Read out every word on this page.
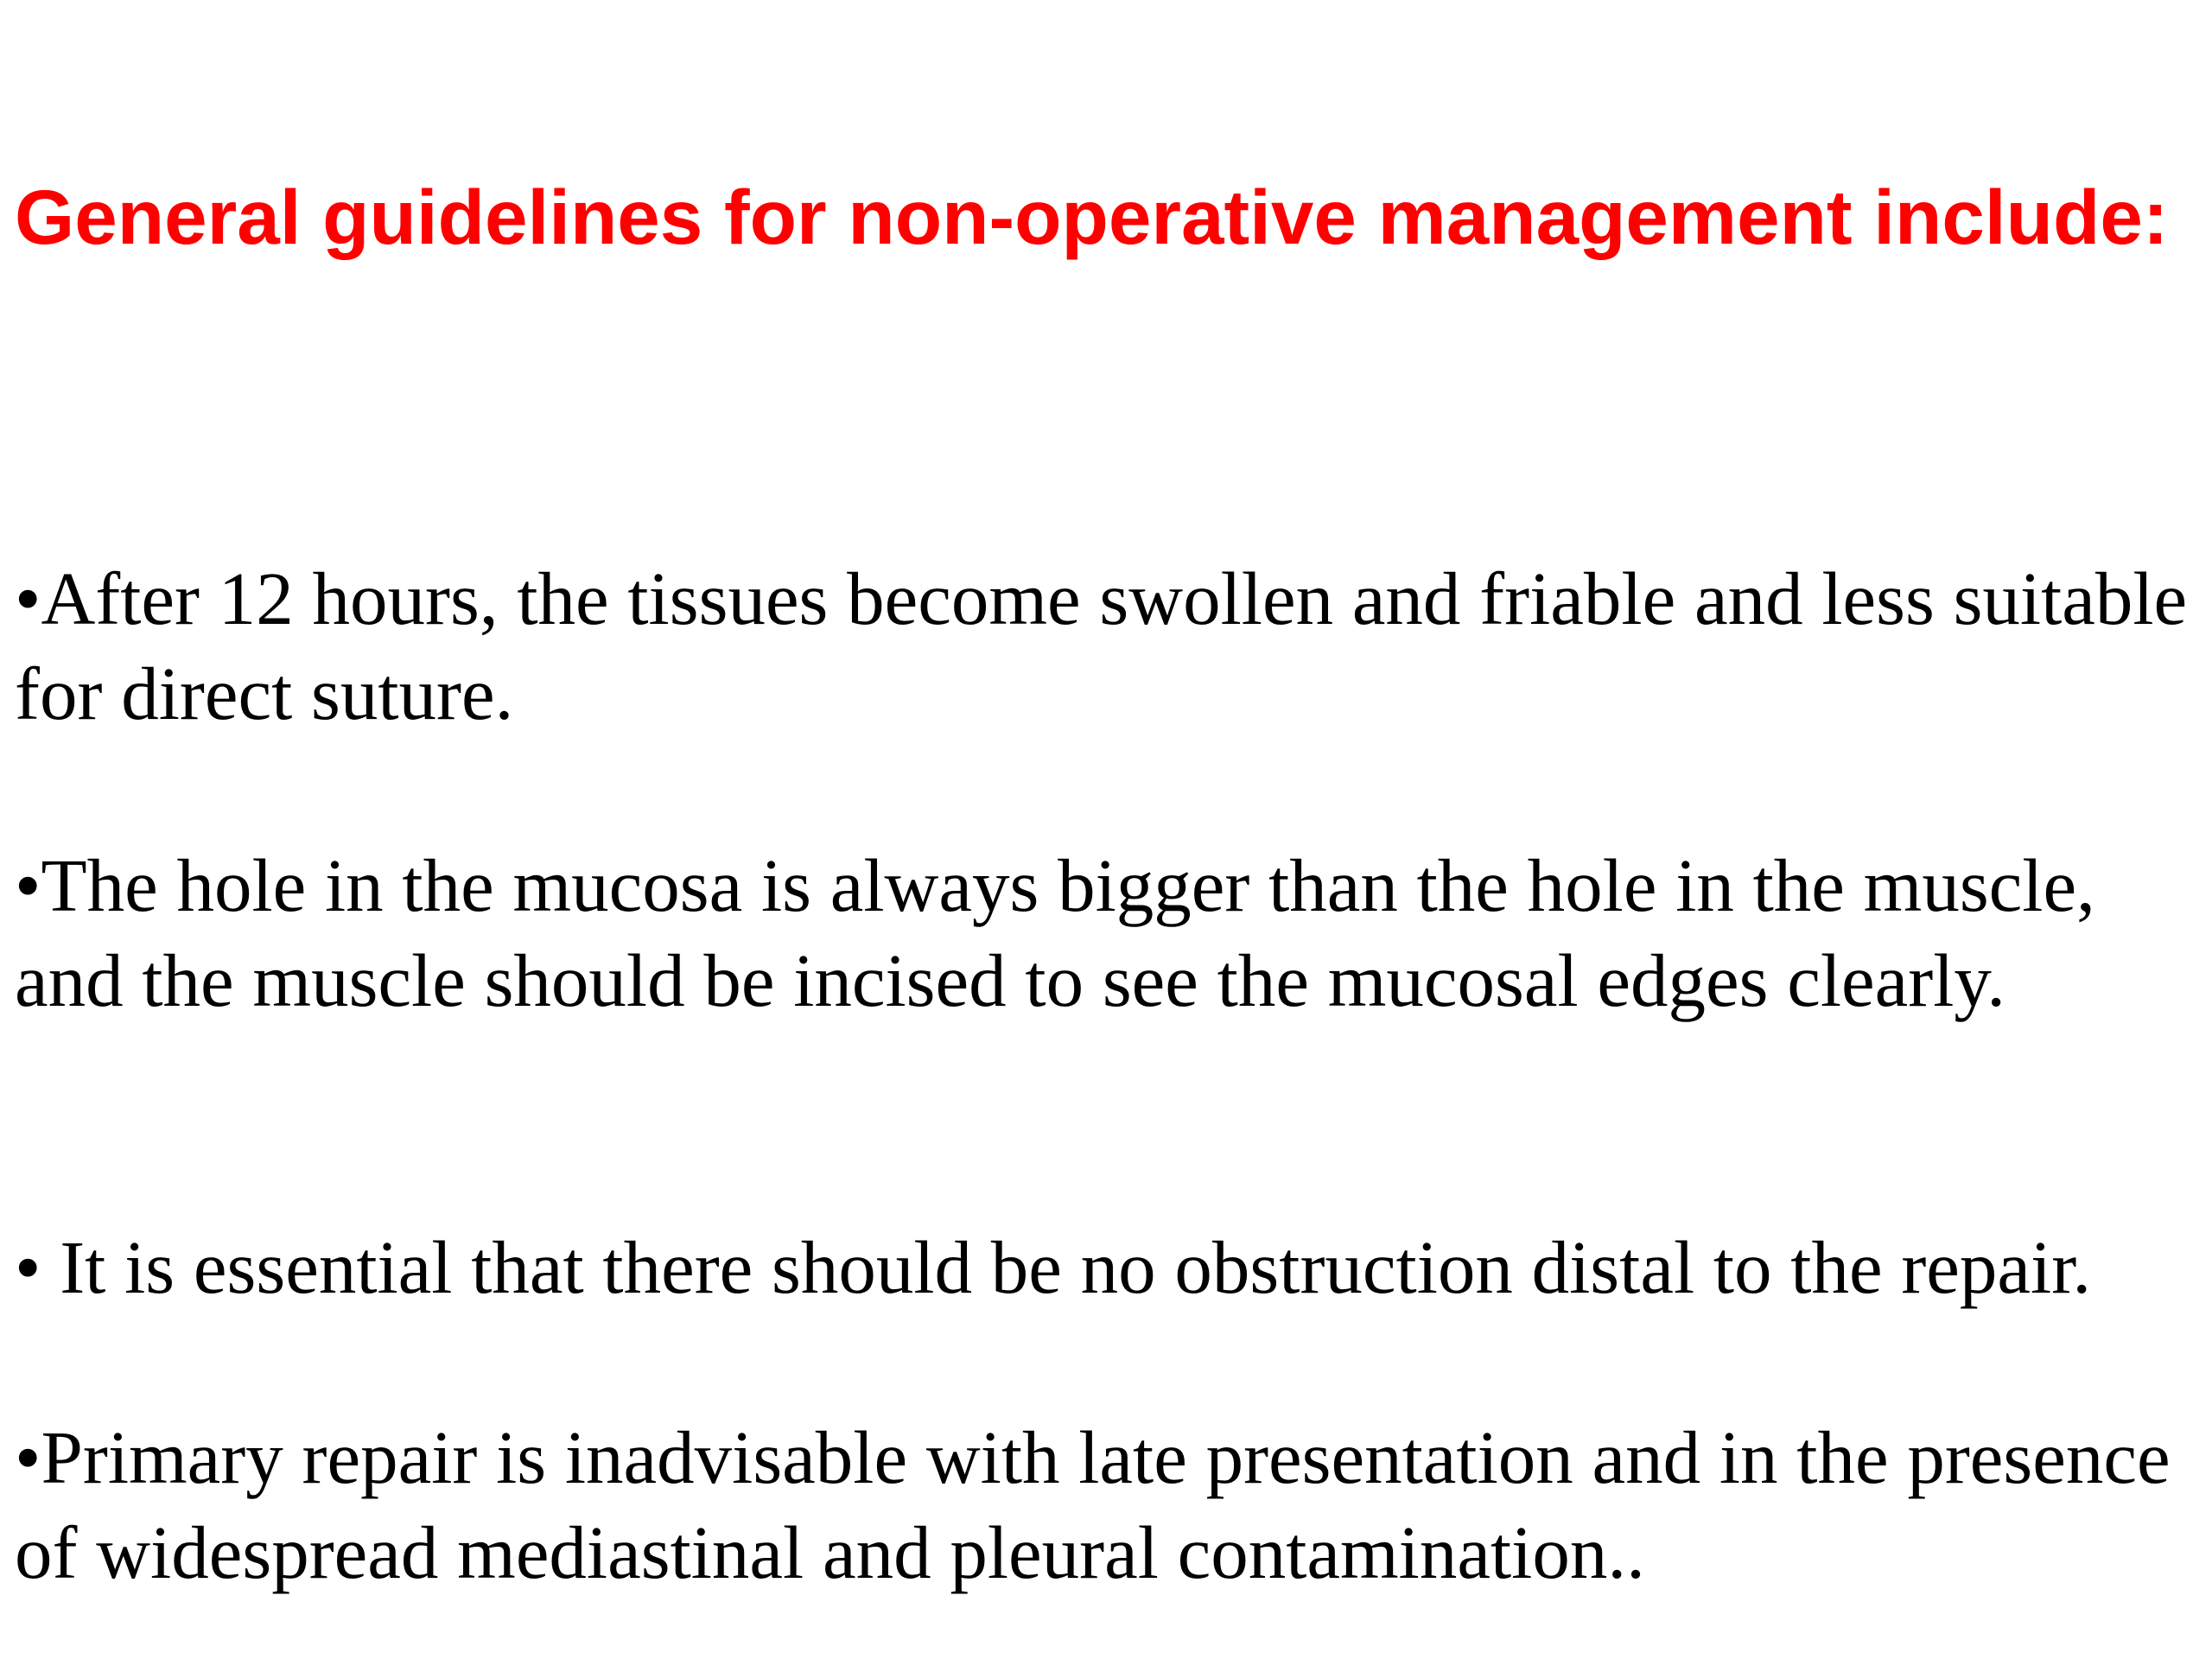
General guidelines for non-operative management include:
•After 12 hours, the tissues become swollen and friable and less suitable for direct suture.
•The hole in the mucosa is always bigger than the hole in the muscle, and the muscle should be incised to see the mucosal edges clearly.
• It is essential that there should be no obstruction distal to the repair.
•Primary repair is inadvisable with late presentation and in the presence of widespread mediastinal and pleural contamination..
